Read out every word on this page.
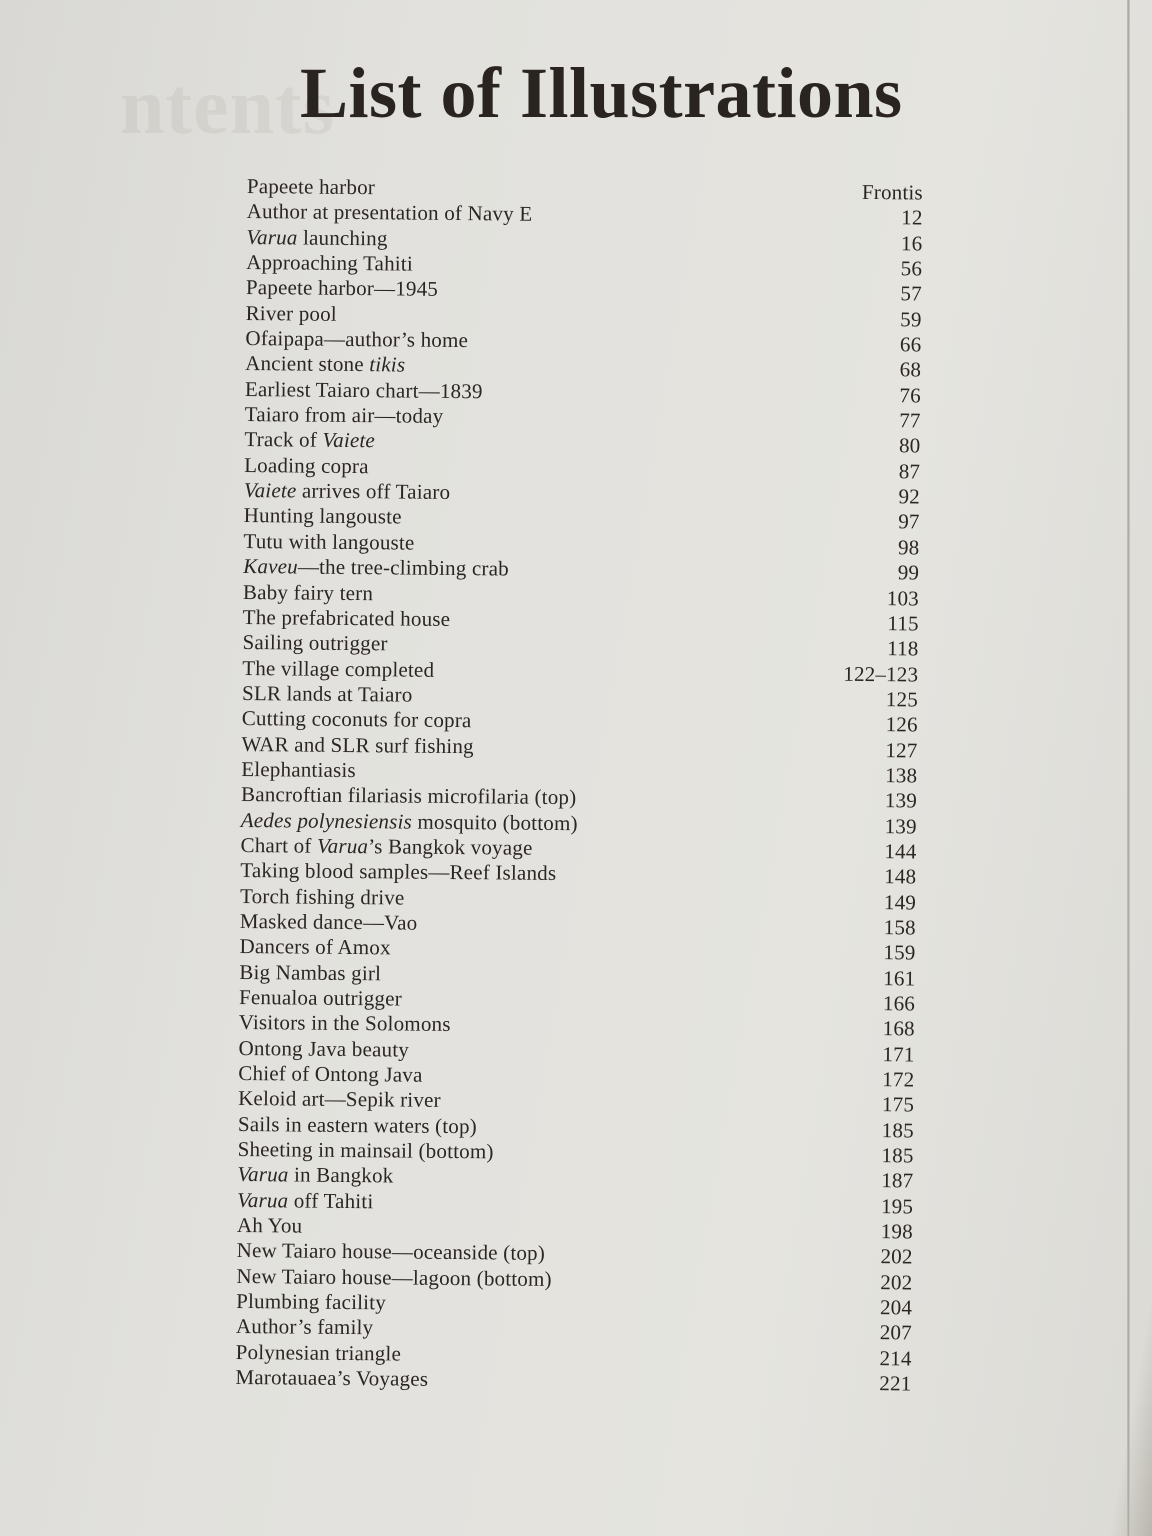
ntents
List of Illustrations
Papeete harbor	Frontis
Author at presentation of Navy E	12
Varua launching	16
Approaching Tahiti	56
Papeete harbor—1945	57
River pool	59
Ofaipapa—author’s home	66
Ancient stone tikis	68
Earliest Taiaro chart—1839	76
Taiaro from air—today	77
Track of Vaiete	80
Loading copra	87
Vaiete arrives off Taiaro	92
Hunting langouste	97
Tutu with langouste	98
Kaveu—the tree-climbing crab	99
Baby fairy tern	103
The prefabricated house	115
Sailing outrigger	118
The village completed	122–123
SLR lands at Taiaro	125
Cutting coconuts for copra	126
WAR and SLR surf fishing	127
Elephantiasis	138
Bancroftian filariasis microfilaria (top)	139
Aedes polynesiensis mosquito (bottom)	139
Chart of Varua’s Bangkok voyage	144
Taking blood samples—Reef Islands	148
Torch fishing drive	149
Masked dance—Vao	158
Dancers of Amox	159
Big Nambas girl	161
Fenualoa outrigger	166
Visitors in the Solomons	168
Ontong Java beauty	171
Chief of Ontong Java	172
Keloid art—Sepik river	175
Sails in eastern waters (top)	185
Sheeting in mainsail (bottom)	185
Varua in Bangkok	187
Varua off Tahiti	195
Ah You	198
New Taiaro house—oceanside (top)	202
New Taiaro house—lagoon (bottom)	202
Plumbing facility	204
Author’s family	207
Polynesian triangle	214
Marotauaea’s Voyages	221
